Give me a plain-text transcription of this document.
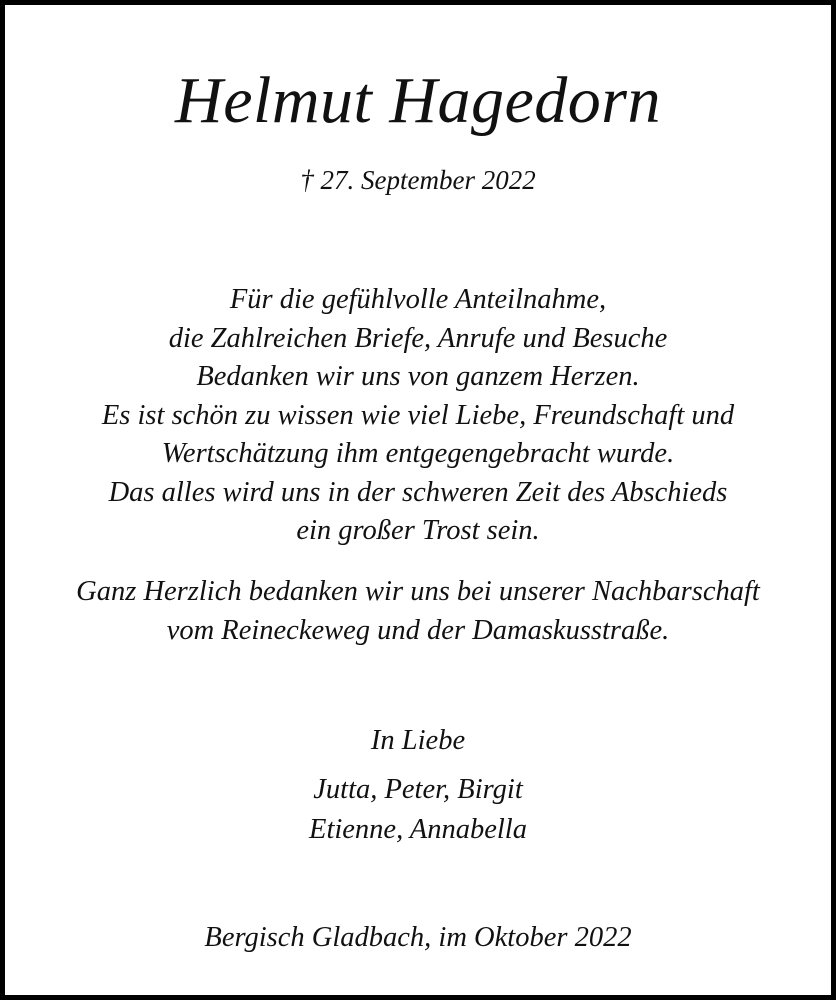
Helmut Hagedorn
† 27. September 2022
Für die gefühlvolle Anteilnahme,
die Zahlreichen Briefe, Anrufe und Besuche
Bedanken wir uns von ganzem Herzen.
Es ist schön zu wissen wie viel Liebe, Freundschaft und
Wertschätzung ihm entgegengebracht wurde.
Das alles wird uns in der schweren Zeit des Abschieds
ein großer Trost sein.
Ganz Herzlich bedanken wir uns bei unserer Nachbarschaft
vom Reineckeweg und der Damaskusstraße.
In Liebe
Jutta, Peter, Birgit
Etienne, Annabella
Bergisch Gladbach, im Oktober 2022
